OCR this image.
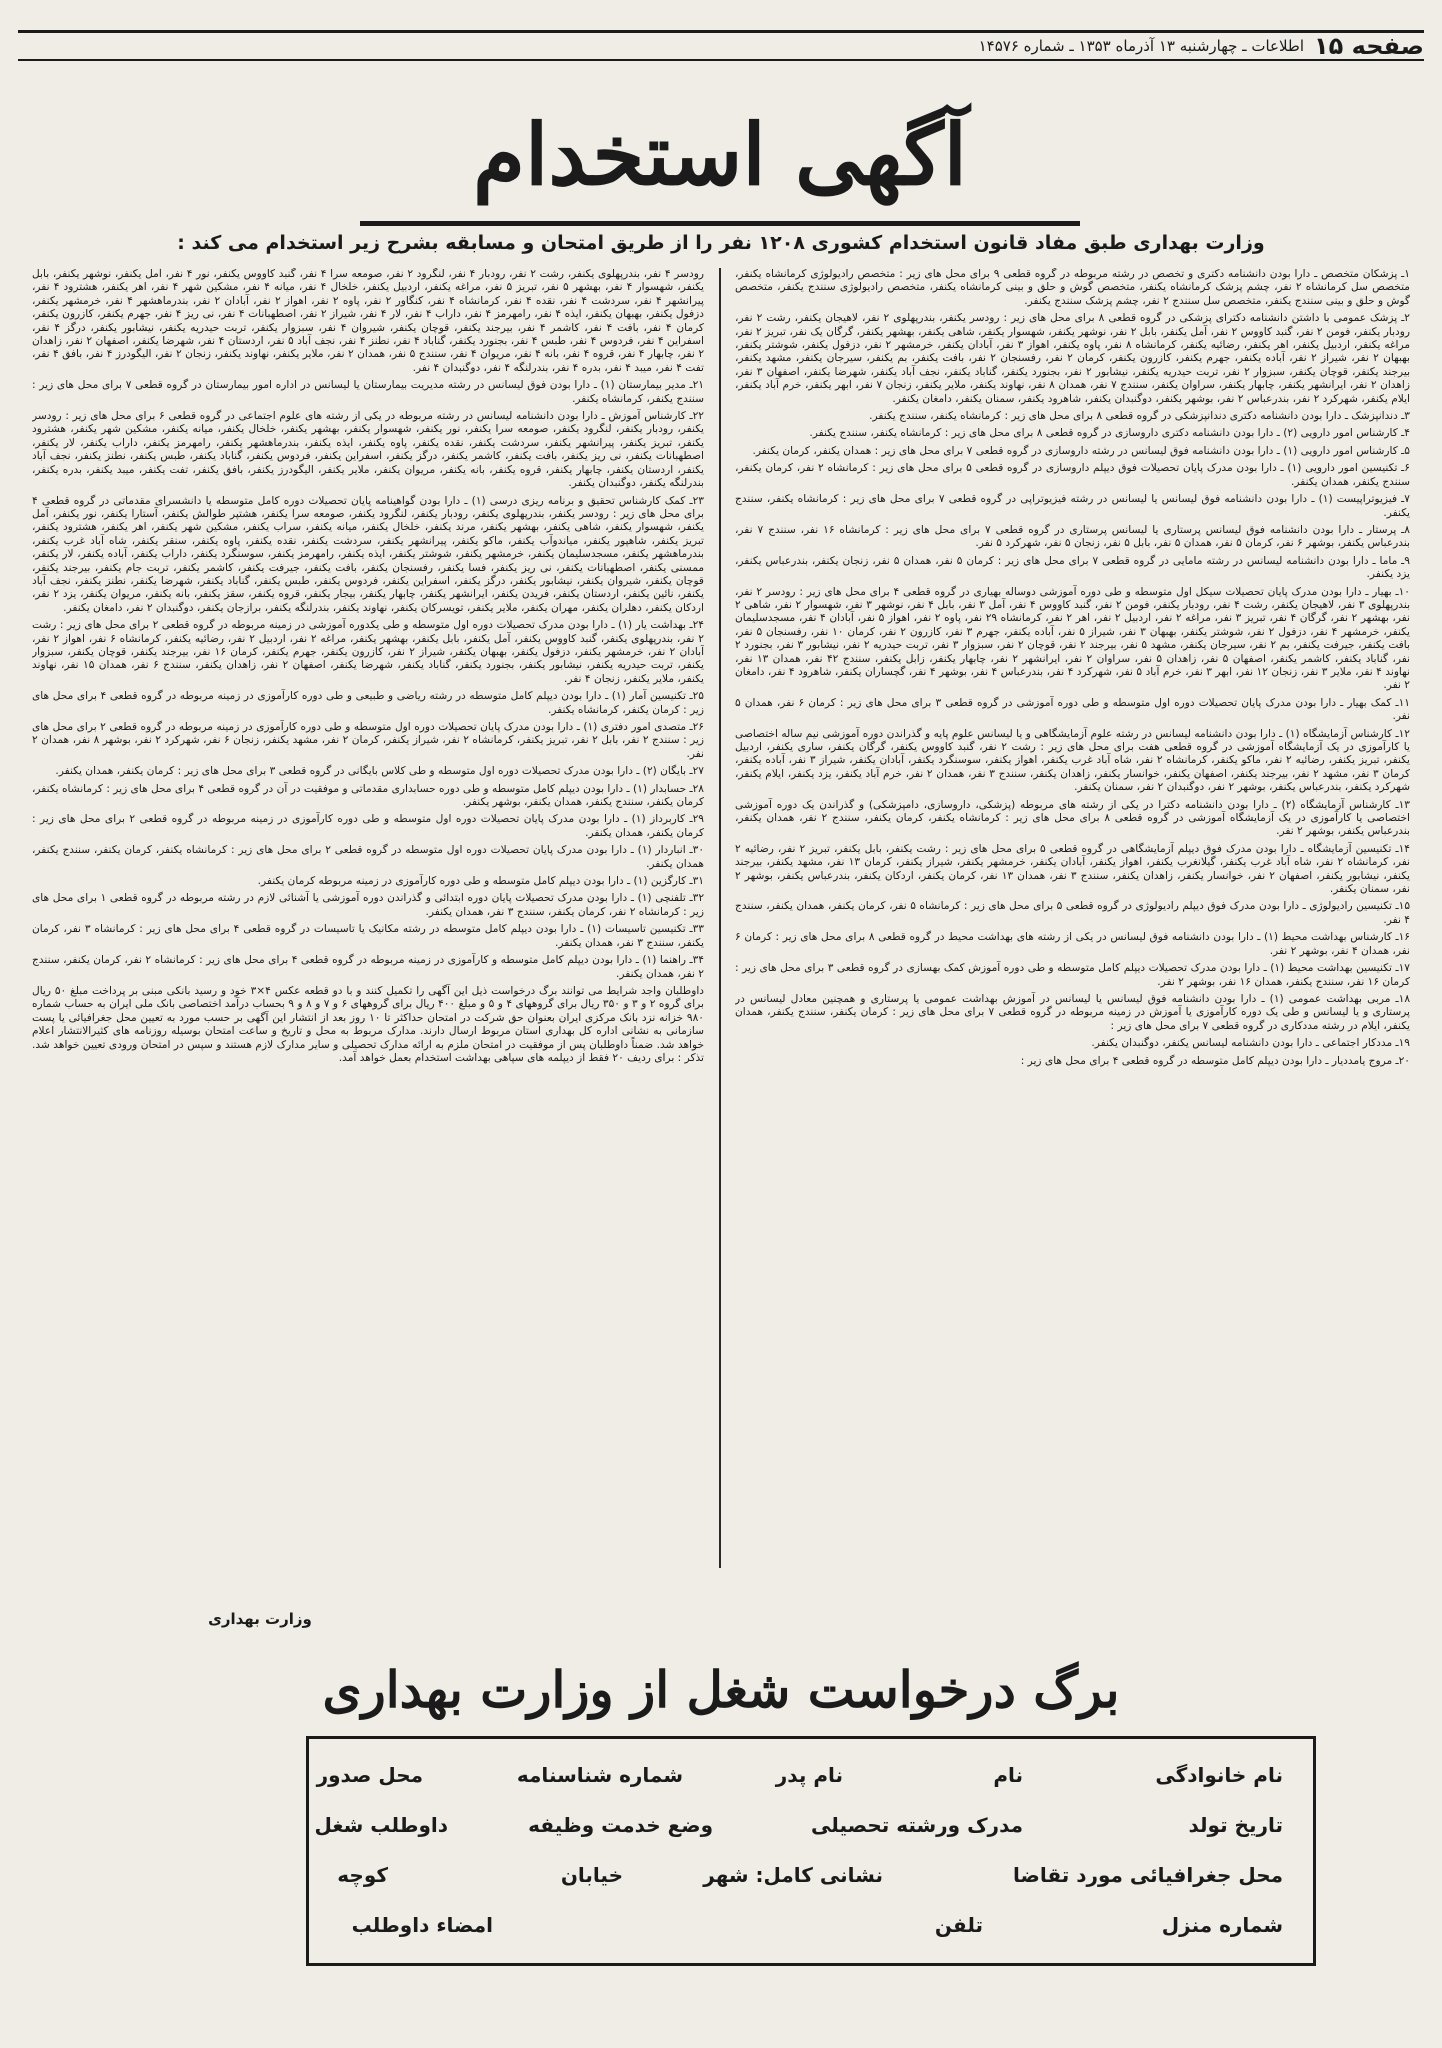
صفحه ۱۵
اطلاعات ـ چهارشنبه ۱۳ آذرماه ۱۳۵۳ ـ شماره ۱۴۵۷۶
آگهی استخدام
وزارت بهداری طبق مفاد قانون استخدام کشوری ۱۲۰۸ نفر را از طریق امتحان و مسابقه بشرح زیر استخدام می کند :

۱ـ پزشکان متخصص ـ دارا بودن دانشنامه دکتری و تخصص در رشته مربوطه در گروه قطعی ۹ برای محل های زیر : متخصص رادیولوژی کرمانشاه یکنفر، متخصص سل کرمانشاه ۲ نفر، چشم پزشک کرمانشاه یکنفر، متخصص گوش و حلق و بینی کرمانشاه یکنفر، متخصص رادیولوژی سنندج یکنفر، متخصص گوش و حلق و بینی سنندج یکنفر، متخصص سل سنندج ۲ نفر، چشم پزشک سنندج یکنفر.

۲ـ پزشک عمومی با داشتن دانشنامه دکترای پزشکی در گروه قطعی ۸ برای محل های زیر : رودسر یکنفر، بندرپهلوی ۲ نفر، لاهیجان یکنفر، رشت ۲ نفر، رودبار یکنفر، فومن ۲ نفر، گنبد کاووس ۲ نفر، آمل یکنفر، بابل ۲ نفر، نوشهر یکنفر، شهسوار یکنفر، شاهی یکنفر، بهشهر یکنفر، گرگان یک نفر، تبریز ۲ نفر، مراغه یکنفر، اردبیل یکنفر، اهر یکنفر، رضائیه یکنفر، کرمانشاه ۸ نفر، پاوه یکنفر، اهواز ۳ نفر، آبادان یکنفر، خرمشهر ۲ نفر، دزفول یکنفر، شوشتر یکنفر، بهبهان ۲ نفر، شیراز ۲ نفر، آباده یکنفر، جهرم یکنفر، کازرون یکنفر، کرمان ۲ نفر، رفسنجان ۲ نفر، بافت یکنفر، بم یکنفر، سیرجان یکنفر، مشهد یکنفر، بیرجند یکنفر، قوچان یکنفر، سبزوار ۲ نفر، تربت حیدریه یکنفر، نیشابور ۲ نفر، بجنورد یکنفر، گناباد یکنفر، نجف آباد یکنفر، شهرضا یکنفر، اصفهان ۳ نفر، زاهدان ۲ نفر، ایرانشهر یکنفر، چابهار یکنفر، سراوان یکنفر، سنندج ۷ نفر، همدان ۸ نفر، نهاوند یکنفر، ملایر یکنفر، زنجان ۷ نفر، ابهر یکنفر، خرم آباد یکنفر، ایلام یکنفر، شهرکرد ۲ نفر، بندرعباس ۲ نفر، بوشهر یکنفر، دوگنبدان یکنفر، شاهرود یکنفر، سمنان یکنفر، دامغان یکنفر.

۳ـ دندانپزشک ـ دارا بودن دانشنامه دکتری دندانپزشکی در گروه قطعی ۸ برای محل های زیر : کرمانشاه یکنفر، سنندج یکنفر.

۴ـ کارشناس امور دارویی (۲) ـ دارا بودن دانشنامه دکتری داروسازی در گروه قطعی ۸ برای محل های زیر : کرمانشاه یکنفر، سنندج یکنفر.

۵ـ کارشناس امور دارویی (۱) ـ دارا بودن دانشنامه فوق لیسانس در رشته داروسازی در گروه قطعی ۷ برای محل های زیر : همدان یکنفر، کرمان یکنفر.

۶ـ تکنیسین امور دارویی (۱) ـ دارا بودن مدرک پایان تحصیلات فوق دیپلم داروسازی در گروه قطعی ۵ برای محل های زیر : کرمانشاه ۲ نفر، کرمان یکنفر، سنندج یکنفر، همدان یکنفر.

۷ـ فیزیوتراپیست (۱) ـ دارا بودن دانشنامه فوق لیسانس یا لیسانس در رشته فیزیوتراپی در گروه قطعی ۷ برای محل های زیر : کرمانشاه یکنفر، سنندج یکنفر.

۸ـ پرستار ـ دارا بودن دانشنامه فوق لیسانس پرستاری یا لیسانس پرستاری در گروه قطعی ۷ برای محل های زیر : کرمانشاه ۱۶ نفر، سنندج ۷ نفر، بندرعباس یکنفر، بوشهر ۶ نفر، کرمان ۵ نفر، همدان ۵ نفر، بابل ۵ نفر، زنجان ۵ نفر، شهرکرد ۵ نفر.

۹ـ ماما ـ دارا بودن دانشنامه لیسانس در رشته مامایی در گروه قطعی ۷ برای محل های زیر : کرمان ۵ نفر، همدان ۵ نفر، زنجان یکنفر، بندرعباس یکنفر، یزد یکنفر.

۱۰ـ بهیار ـ دارا بودن مدرک پایان تحصیلات سیکل اول متوسطه و طی دوره آموزشی دوساله بهیاری در گروه قطعی ۴ برای محل های زیر : رودسر ۲ نفر، بندرپهلوی ۳ نفر، لاهیجان یکنفر، رشت ۴ نفر، رودبار یکنفر، فومن ۲ نفر، گنبد کاووس ۴ نفر، آمل ۳ نفر، بابل ۴ نفر، نوشهر ۳ نفر، شهسوار ۲ نفر، شاهی ۲ نفر، بهشهر ۲ نفر، گرگان ۴ نفر، تبریز ۳ نفر، مراغه ۲ نفر، اردبیل ۲ نفر، اهر ۲ نفر، کرمانشاه ۲۹ نفر، پاوه ۲ نفر، اهواز ۵ نفر، آبادان ۴ نفر، مسجدسلیمان یکنفر، خرمشهر ۴ نفر، دزفول ۲ نفر، شوشتر یکنفر، بهبهان ۳ نفر، شیراز ۵ نفر، آباده یکنفر، جهرم ۳ نفر، کازرون ۲ نفر، کرمان ۱۰ نفر، رفسنجان ۵ نفر، بافت یکنفر، جیرفت یکنفر، بم ۲ نفر، سیرجان یکنفر، مشهد ۵ نفر، بیرجند ۲ نفر، قوچان ۲ نفر، سبزوار ۳ نفر، تربت حیدریه ۲ نفر، نیشابور ۳ نفر، بجنورد ۲ نفر، گناباد یکنفر، کاشمر یکنفر، اصفهان ۵ نفر، زاهدان ۵ نفر، سراوان ۲ نفر، ایرانشهر ۲ نفر، چابهار یکنفر، زابل یکنفر، سنندج ۴۲ نفر، همدان ۱۳ نفر، نهاوند ۴ نفر، ملایر ۳ نفر، زنجان ۱۲ نفر، ابهر ۳ نفر، خرم آباد ۵ نفر، شهرکرد ۴ نفر، بندرعباس ۴ نفر، بوشهر ۴ نفر، گچساران یکنفر، شاهرود ۴ نفر، دامغان ۲ نفر.

۱۱ـ کمک بهیار ـ دارا بودن مدرک پایان تحصیلات دوره اول متوسطه و طی دوره آموزشی در گروه قطعی ۳ برای محل های زیر : کرمان ۶ نفر، همدان ۵ نفر.

۱۲ـ کارشناس آزمایشگاه (۱) ـ دارا بودن دانشنامه لیسانس در رشته علوم آزمایشگاهی و یا لیسانس علوم پایه و گذراندن دوره آموزشی نیم ساله اختصاصی یا کارآموزی در یک آزمایشگاه آموزشی در گروه قطعی هفت برای محل های زیر : رشت ۲ نفر، گنبد کاووس یکنفر، گرگان یکنفر، ساری یکنفر، اردبیل یکنفر، تبریز یکنفر، رضائیه ۲ نفر، ماکو یکنفر، کرمانشاه ۲ نفر، شاه آباد غرب یکنفر، اهواز یکنفر، سوسنگرد یکنفر، آبادان یکنفر، شیراز ۳ نفر، آباده یکنفر، کرمان ۳ نفر، مشهد ۲ نفر، بیرجند یکنفر، اصفهان یکنفر، خوانسار یکنفر، زاهدان یکنفر، سنندج ۳ نفر، همدان ۲ نفر، خرم آباد یکنفر، یزد یکنفر، ایلام یکنفر، شهرکرد یکنفر، بندرعباس یکنفر، بوشهر ۲ نفر، دوگنبدان ۲ نفر، سمنان یکنفر.

۱۳ـ کارشناس آزمایشگاه (۲) ـ دارا بودن دانشنامه دکترا در یکی از رشته های مربوطه (پزشکی، داروسازی، دامپزشکی) و گذراندن یک دوره آموزشی اختصاصی یا کارآموزی در یک آزمایشگاه آموزشی در گروه قطعی ۸ برای محل های زیر : کرمانشاه یکنفر، کرمان یکنفر، سنندج ۲ نفر، همدان یکنفر، بندرعباس یکنفر، بوشهر ۲ نفر.

۱۴ـ تکنیسین آزمایشگاه ـ دارا بودن مدرک فوق دیپلم آزمایشگاهی در گروه قطعی ۵ برای محل های زیر : رشت یکنفر، بابل یکنفر، تبریز ۲ نفر، رضائیه ۲ نفر، کرمانشاه ۲ نفر، شاه آباد غرب یکنفر، گیلانغرب یکنفر، اهواز یکنفر، آبادان یکنفر، خرمشهر یکنفر، شیراز یکنفر، کرمان ۱۳ نفر، مشهد یکنفر، بیرجند یکنفر، نیشابور یکنفر، اصفهان ۲ نفر، خوانسار یکنفر، زاهدان یکنفر، سنندج ۳ نفر، همدان ۱۳ نفر، کرمان یکنفر، اردکان یکنفر، بندرعباس یکنفر، بوشهر ۲ نفر، سمنان یکنفر.

۱۵ـ تکنیسین رادیولوژی ـ دارا بودن مدرک فوق دیپلم رادیولوژی در گروه قطعی ۵ برای محل های زیر : کرمانشاه ۵ نفر، کرمان یکنفر، همدان یکنفر، سنندج ۴ نفر.

۱۶ـ کارشناس بهداشت محیط (۱) ـ دارا بودن دانشنامه فوق لیسانس در یکی از رشته های بهداشت محیط در گروه قطعی ۸ برای محل های زیر : کرمان ۶ نفر، همدان ۴ نفر، بوشهر ۲ نفر.

۱۷ـ تکنیسین بهداشت محیط (۱) ـ دارا بودن مدرک تحصیلات دیپلم کامل متوسطه و طی دوره آموزش کمک بهسازی در گروه قطعی ۳ برای محل های زیر : کرمان ۱۶ نفر، سنندج یکنفر، همدان ۱۶ نفر، بوشهر ۲ نفر.

۱۸ـ مربی بهداشت عمومی (۱) ـ دارا بودن دانشنامه فوق لیسانس یا لیسانس در آموزش بهداشت عمومی یا پرستاری و همچنین معادل لیسانس در پرستاری و یا لیسانس و طی یک دوره کارآموزی یا آموزش در زمینه مربوطه در گروه قطعی ۷ برای محل های زیر : کرمان یکنفر، سنندج یکنفر، همدان یکنفر، ایلام در رشته مددکاری در گروه قطعی ۷ برای محل های زیر :

۱۹ـ مددکار اجتماعی ـ دارا بودن دانشنامه لیسانس یکنفر، دوگنبدان یکنفر.

۲۰ـ مروج یامددیار ـ دارا بودن دیپلم کامل متوسطه در گروه قطعی ۴ برای محل های زیر :

رودسر ۴ نفر، بندرپهلوی یکنفر، رشت ۲ نفر، رودبار ۴ نفر، لنگرود ۲ نفر، صومعه سرا ۴ نفر، گنبد کاووس یکنفر، نور ۴ نفر، آمل یکنفر، نوشهر یکنفر، بابل یکنفر، شهسوار ۴ نفر، بهشهر ۵ نفر، تبریز ۵ نفر، مراغه یکنفر، اردبیل یکنفر، خلخال ۴ نفر، میانه ۴ نفر، مشکین شهر ۴ نفر، اهر یکنفر، هشترود ۴ نفر، پیرانشهر ۴ نفر، سردشت ۴ نفر، نقده ۴ نفر، کرمانشاه ۴ نفر، کنگاور ۲ نفر، پاوه ۲ نفر، اهواز ۲ نفر، آبادان ۲ نفر، بندرماهشهر ۴ نفر، خرمشهر یکنفر، دزفول یکنفر، بهبهان یکنفر، ایذه ۴ نفر، رامهرمز ۴ نفر، داراب ۴ نفر، لار ۴ نفر، شیراز ۲ نفر، اصطهبانات ۴ نفر، نی ریز ۴ نفر، جهرم یکنفر، کازرون یکنفر، کرمان ۴ نفر، بافت ۴ نفر، کاشمر ۴ نفر، بیرجند یکنفر، قوچان یکنفر، شیروان ۴ نفر، سبزوار یکنفر، تربت حیدریه یکنفر، نیشابور یکنفر، درگز ۴ نفر، اسفراین ۴ نفر، فردوس ۴ نفر، طبس ۴ نفر، بجنورد یکنفر، گناباد ۴ نفر، نطنز ۴ نفر، نجف آباد ۵ نفر، اردستان ۴ نفر، شهرضا یکنفر، اصفهان ۲ نفر، زاهدان ۲ نفر، چابهار ۴ نفر، قروه ۴ نفر، بانه ۴ نفر، مریوان ۴ نفر، سنندج ۵ نفر، همدان ۲ نفر، ملایر یکنفر، نهاوند یکنفر، زنجان ۲ نفر، الیگودرز ۴ نفر، بافق ۴ نفر، تفت ۴ نفر، میبد ۴ نفر، بدره ۴ نفر، بندرلنگه ۴ نفر، دوگنبدان ۴ نفر.

۲۱ـ مدیر بیمارستان (۱) ـ دارا بودن فوق لیسانس در رشته مدیریت بیمارستان یا لیسانس در اداره امور بیمارستان در گروه قطعی ۷ برای محل های زیر : سنندج یکنفر، کرمانشاه یکنفر.

۲۲ـ کارشناس آموزش ـ دارا بودن دانشنامه لیسانس در رشته مربوطه در یکی از رشته های علوم اجتماعی در گروه قطعی ۶ برای محل های زیر : رودسر یکنفر، رودبار یکنفر، لنگرود یکنفر، صومعه سرا یکنفر، نور یکنفر، شهسوار یکنفر، بهشهر یکنفر، خلخال یکنفر، میانه یکنفر، مشکین شهر یکنفر، هشترود یکنفر، تبریز یکنفر، پیرانشهر یکنفر، سردشت یکنفر، نقده یکنفر، پاوه یکنفر، ایذه یکنفر، بندرماهشهر یکنفر، رامهرمز یکنفر، داراب یکنفر، لار یکنفر، اصطهبانات یکنفر، نی ریز یکنفر، بافت یکنفر، کاشمر یکنفر، درگز یکنفر، اسفراین یکنفر، فردوس یکنفر، گناباد یکنفر، طبس یکنفر، نطنز یکنفر، نجف آباد یکنفر، اردستان یکنفر، چابهار یکنفر، قروه یکنفر، بانه یکنفر، مریوان یکنفر، ملایر یکنفر، الیگودرز یکنفر، بافق یکنفر، تفت یکنفر، میبد یکنفر، بدره یکنفر، بندرلنگه یکنفر، دوگنبدان یکنفر.

۲۳ـ کمک کارشناس تحقیق و برنامه ریزی درسی (۱) ـ دارا بودن گواهینامه پایان تحصیلات دوره کامل متوسطه یا دانشسرای مقدماتی در گروه قطعی ۴ برای محل های زیر : رودسر یکنفر، بندرپهلوی یکنفر، رودبار یکنفر، لنگرود یکنفر، صومعه سرا یکنفر، هشتپر طوالش یکنفر، آستارا یکنفر، نور یکنفر، آمل یکنفر، شهسوار یکنفر، شاهی یکنفر، بهشهر یکنفر، مرند یکنفر، خلخال یکنفر، میانه یکنفر، سراب یکنفر، مشکین شهر یکنفر، اهر یکنفر، هشترود یکنفر، تبریز یکنفر، شاهپور یکنفر، میاندوآب یکنفر، ماکو یکنفر، پیرانشهر یکنفر، سردشت یکنفر، نقده یکنفر، پاوه یکنفر، سنقر یکنفر، شاه آباد غرب یکنفر، بندرماهشهر یکنفر، مسجدسلیمان یکنفر، خرمشهر یکنفر، شوشتر یکنفر، ایذه یکنفر، رامهرمز یکنفر، سوسنگرد یکنفر، داراب یکنفر، آباده یکنفر، لار یکنفر، ممسنی یکنفر، اصطهبانات یکنفر، نی ریز یکنفر، فسا یکنفر، رفسنجان یکنفر، بافت یکنفر، جیرفت یکنفر، کاشمر یکنفر، تربت جام یکنفر، بیرجند یکنفر، قوچان یکنفر، شیروان یکنفر، نیشابور یکنفر، درگز یکنفر، اسفراین یکنفر، فردوس یکنفر، طبس یکنفر، گناباد یکنفر، شهرضا یکنفر، نطنز یکنفر، نجف آباد یکنفر، نائین یکنفر، اردستان یکنفر، فریدن یکنفر، ایرانشهر یکنفر، چابهار یکنفر، بیجار یکنفر، قروه یکنفر، سقز یکنفر، بانه یکنفر، مریوان یکنفر، یزد ۲ نفر، اردکان یکنفر، دهلران یکنفر، مهران یکنفر، ملایر یکنفر، تویسرکان یکنفر، نهاوند یکنفر، بندرلنگه یکنفر، برازجان یکنفر، دوگنبدان ۲ نفر، دامغان یکنفر.

۲۴ـ بهداشت یار (۱) ـ دارا بودن مدرک تحصیلات دوره اول متوسطه و طی یکدوره آموزشی در زمینه مربوطه در گروه قطعی ۲ برای محل های زیر : رشت ۲ نفر، بندرپهلوی یکنفر، گنبد کاووس یکنفر، آمل یکنفر، بابل یکنفر، بهشهر یکنفر، مراغه ۲ نفر، اردبیل ۲ نفر، رضائیه یکنفر، کرمانشاه ۶ نفر، اهواز ۲ نفر، آبادان ۲ نفر، خرمشهر یکنفر، دزفول یکنفر، بهبهان یکنفر، شیراز ۲ نفر، کازرون یکنفر، جهرم یکنفر، کرمان ۱۶ نفر، بیرجند یکنفر، قوچان یکنفر، سبزوار یکنفر، تربت حیدریه یکنفر، نیشابور یکنفر، بجنورد یکنفر، گناباد یکنفر، شهرضا یکنفر، اصفهان ۲ نفر، زاهدان یکنفر، سنندج ۶ نفر، همدان ۱۵ نفر، نهاوند یکنفر، ملایر یکنفر، زنجان ۴ نفر.

۲۵ـ تکنیسین آمار (۱) ـ دارا بودن دیپلم کامل متوسطه در رشته ریاضی و طبیعی و طی دوره کارآموزی در زمینه مربوطه در گروه قطعی ۴ برای محل های زیر : کرمان یکنفر، کرمانشاه یکنفر.

۲۶ـ متصدی امور دفتری (۱) ـ دارا بودن مدرک پایان تحصیلات دوره اول متوسطه و طی دوره کارآموزی در زمینه مربوطه در گروه قطعی ۲ برای محل های زیر : سنندج ۲ نفر، بابل ۲ نفر، تبریز یکنفر، کرمانشاه ۲ نفر، شیراز یکنفر، کرمان ۲ نفر، مشهد یکنفر، زنجان ۶ نفر، شهرکرد ۲ نفر، بوشهر ۸ نفر، همدان ۲ نفر.

۲۷ـ بایگان (۲) ـ دارا بودن مدرک تحصیلات دوره اول متوسطه و طی کلاس بایگانی در گروه قطعی ۳ برای محل های زیر : کرمان یکنفر، همدان یکنفر.

۲۸ـ حسابدار (۱) ـ دارا بودن دیپلم کامل متوسطه و طی دوره حسابداری مقدماتی و موفقیت در آن در گروه قطعی ۴ برای محل های زیر : کرمانشاه یکنفر، کرمان یکنفر، سنندج یکنفر، همدان یکنفر، بوشهر یکنفر.

۲۹ـ کاربرداز (۱) ـ دارا بودن مدرک پایان تحصیلات دوره اول متوسطه و طی دوره کارآموزی در زمینه مربوطه در گروه قطعی ۲ برای محل های زیر : کرمان یکنفر، همدان یکنفر.

۳۰ـ انباردار (۱) ـ دارا بودن مدرک پایان تحصیلات دوره اول متوسطه در گروه قطعی ۲ برای محل های زیر : کرمانشاه یکنفر، کرمان یکنفر، سنندج یکنفر، همدان یکنفر.

۳۱ـ کارگزین (۱) ـ دارا بودن دیپلم کامل متوسطه و طی دوره کارآموزی در زمینه مربوطه کرمان یکنفر.

۳۲ـ تلفنچی (۱) ـ دارا بودن مدرک تحصیلات پایان دوره ابتدائی و گذراندن دوره آموزشی یا آشنائی لازم در رشته مربوطه در گروه قطعی ۱ برای محل های زیر : کرمانشاه ۲ نفر، کرمان یکنفر، سنندج ۳ نفر، همدان یکنفر.

۳۳ـ تکنیسین تاسیسات (۱) ـ دارا بودن دیپلم کامل متوسطه در رشته مکانیک یا تاسیسات در گروه قطعی ۴ برای محل های زیر : کرمانشاه ۳ نفر، کرمان یکنفر، سنندج ۳ نفر، همدان یکنفر.

۳۴ـ راهنما (۱) ـ دارا بودن دیپلم کامل متوسطه و کارآموزی در زمینه مربوطه در گروه قطعی ۴ برای محل های زیر : کرمانشاه ۲ نفر، کرمان یکنفر، سنندج ۲ نفر، همدان یکنفر.

داوطلبان واجد شرایط می توانند برگ درخواست ذیل این آگهی را تکمیل کنند و با دو قطعه عکس ۴×۳ خود و رسید بانکی مبنی بر پرداخت مبلغ ۵۰ ریال برای گروه ۲ و ۳ و ۳۵۰ ریال برای گروههای ۴ و ۵ و مبلغ ۴۰۰ ریال برای گروههای ۶ و ۷ و ۸ و ۹ بحساب درآمد اختصاصی بانک ملی ایران به حساب شماره ۹۸۰ خزانه نزد بانک مرکزی ایران بعنوان حق شرکت در امتحان حداکثر تا ۱۰ روز بعد از انتشار این آگهی بر حسب مورد به تعیین محل جغرافیائی یا پست سازمانی به نشانی اداره کل بهداری استان مربوط ارسال دارند. مدارک مربوط به محل و تاریخ و ساعت امتحان بوسیله روزنامه های کثیرالانتشار اعلام خواهد شد. ضمناً داوطلبان پس از موفقیت در امتحان ملزم به ارائه مدارک تحصیلی و سایر مدارک لازم هستند و سپس در امتحان ورودی تعیین خواهد شد. تذکر : برای ردیف ۲۰ فقط از دیپلمه های سپاهی بهداشت استخدام بعمل خواهد آمد.

وزارت بهداری
برگ درخواست شغل از وزارت بهداری
نام خانوادگی
نام
نام پدر
شماره شناسنامه
محل صدور
تاریخ تولد
مدرک ورشته تحصیلی
وضع خدمت وظیفه
داوطلب شغل
محل جغرافیائی مورد تقاضا
نشانی کامل: شهر
خیابان
کوچه
شماره منزل
تلفن
امضاء داوطلب
